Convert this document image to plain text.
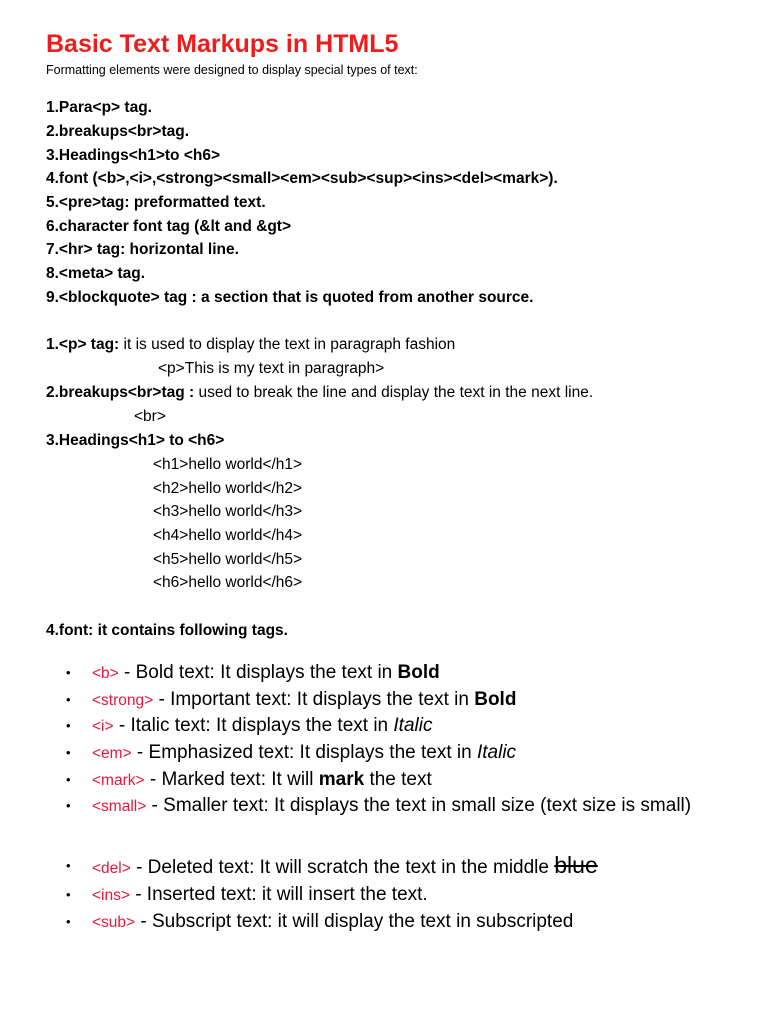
Basic Text Markups in HTML5
Formatting elements were designed to display special types of text:
1.Para<p> tag.
2.breakups<br>tag.
3.Headings<h1>to <h6>
4.font (<b>,<i>,<strong><small><em><sub><sup><ins><del><mark>).
5.<pre>tag: preformatted text.
6.character font tag (&lt and &gt>
7.<hr> tag: horizontal line.
8.<meta> tag.
9.<blockquote> tag : a section that is quoted from another source.
1.<p> tag: it is used to display the text in paragraph fashion
<p>This is my text in paragraph>
2.breakups<br>tag : used to break the line and display the text in the next line.
<br>
3.Headings<h1> to <h6>
<h1>hello world</h1>
<h2>hello world</h2>
<h3>hello world</h3>
<h4>hello world</h4>
<h5>hello world</h5>
<h6>hello world</h6>
4.font: it contains following tags.
•	<b> - Bold text: It displays the text in Bold
•	<strong> - Important text: It displays the text in Bold
•	<i> - Italic text: It displays the text in Italic
•	<em> - Emphasized text: It displays the text in Italic
•	<mark> - Marked text: It will mark the text
•	<small> - Smaller text: It displays the text in small size (text size is small)
•	<del> - Deleted text: It will scratch the text in the middle blue
•	<ins> - Inserted text: it will insert the text.
•	<sub> - Subscript text: it will display the text in subscripted
